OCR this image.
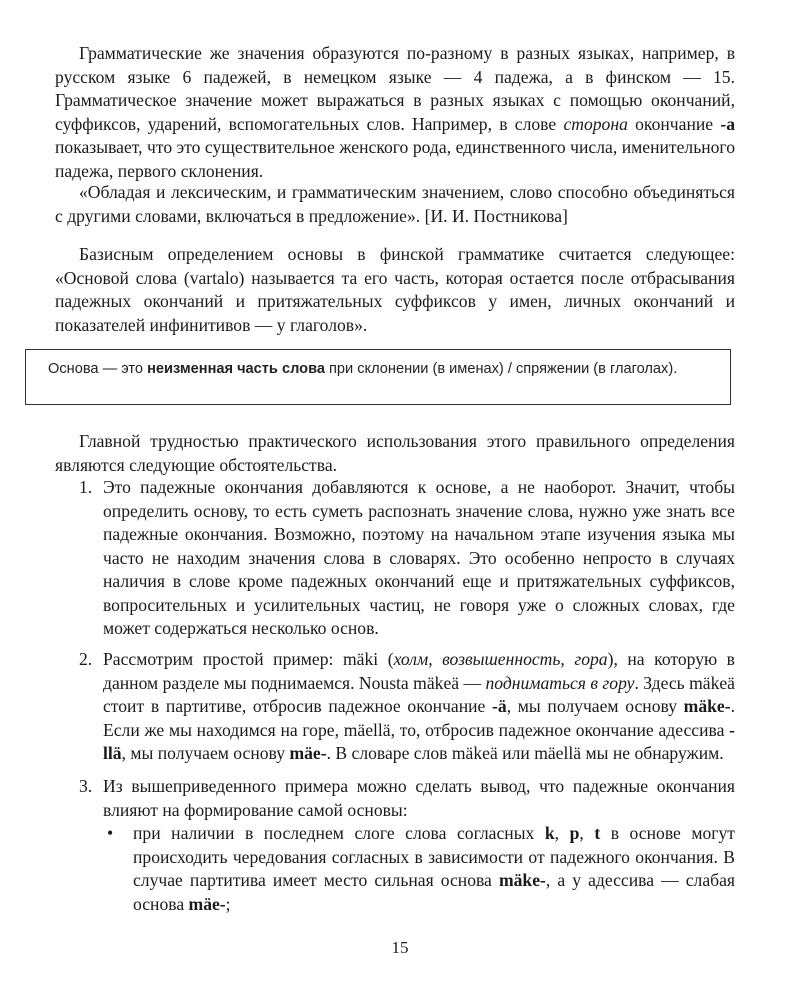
Грамматические же значения образуются по-разному в разных языках, например, в русском языке 6 падежей, в немецком языке — 4 падежа, а в финском — 15. Грамматическое значение может выражаться в разных языках с помощью окончаний, суффиксов, ударений, вспомогательных слов. Например, в слове сторона окончание -а показывает, что это существительное женского рода, единственного числа, именительного падежа, первого склонения.

«Обладая и лексическим, и грамматическим значением, слово способно объединяться с другими словами, включаться в предложение». [И. И. Постникова]

Базисным определением основы в финской грамматике считается следующее: «Основой слова (vartalo) называется та его часть, которая остается после отбрасывания падежных окончаний и притяжательных суффиксов у имен, личных окончаний и показателей инфинитивов — у глаголов».

Основа — это неизменная часть слова при склонении (в именах) / спряжении (в глаголах).

Главной трудностью практического использования этого правильного определения являются следующие обстоятельства.

1. Это падежные окончания добавляются к основе, а не наоборот. Значит, чтобы определить основу, то есть суметь распознать значение слова, нужно уже знать все падежные окончания. Возможно, поэтому на начальном этапе изучения языка мы часто не находим значения слова в словарях. Это особенно непросто в случаях наличия в слове кроме падежных окончаний еще и притяжательных суффиксов, вопросительных и усилительных частиц, не говоря уже о сложных словах, где может содержаться несколько основ.
2. Рассмотрим простой пример: mäki (холм, возвышенность, гора), на которую в данном разделе мы поднимаемся. Nousta mäkeä — подниматься в гору. Здесь mäkeä стоит в партитиве, отбросив падежное окончание -ä, мы получаем основу mäke-. Если же мы находимся на горе, mäellä, то, отбросив падежное окончание адессива -llä, мы получаем основу mäe-. В словаре слов mäkeä или mäellä мы не обнаружим.
3. Из вышеприведенного примера можно сделать вывод, что падежные окончания влияют на формирование самой основы:
• при наличии в последнем слоге слова согласных k, p, t в основе могут происходить чередования согласных в зависимости от падежного окончания. В случае партитива имеет место сильная основа mäke-, а у адессива — слабая основа mäe-;
15
